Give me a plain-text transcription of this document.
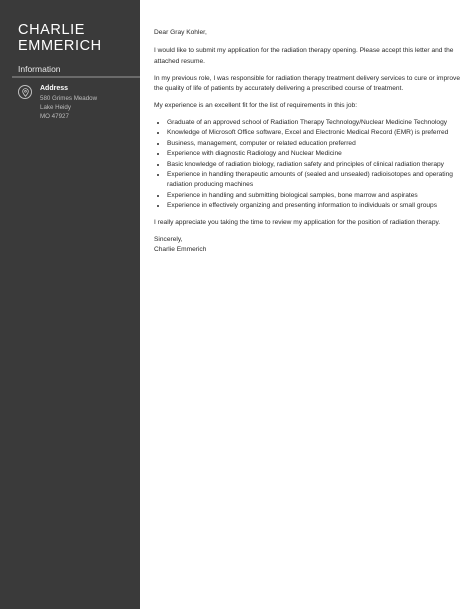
CHARLIE
EMMERICH
Information
Address
580 Grimes Meadow
Lake Heidy
MO 47927

Dear Gray Kohler,

I would like to submit my application for the radiation therapy opening. Please accept this letter and the attached resume.

In my previous role, I was responsible for radiation therapy treatment delivery services to cure or improve the quality of life of patients by accurately delivering a prescribed course of treatment.

My experience is an excellent fit for the list of requirements in this job:

• Graduate of an approved school of Radiation Therapy Technology/Nuclear Medicine Technology
• Knowledge of Microsoft Office software, Excel and Electronic Medical Record (EMR) is preferred
• Business, management, computer or related education preferred
• Experience with diagnostic Radiology and Nuclear Medicine
• Basic knowledge of radiation biology, radiation safety and principles of clinical radiation therapy
• Experience in handling therapeutic amounts of (sealed and unsealed) radioisotopes and operating radiation producing machines
• Experience in handling and submitting biological samples, bone marrow and aspirates
• Experience in effectively organizing and presenting information to individuals or small groups

I really appreciate you taking the time to review my application for the position of radiation therapy.

Sincerely,
Charlie Emmerich
